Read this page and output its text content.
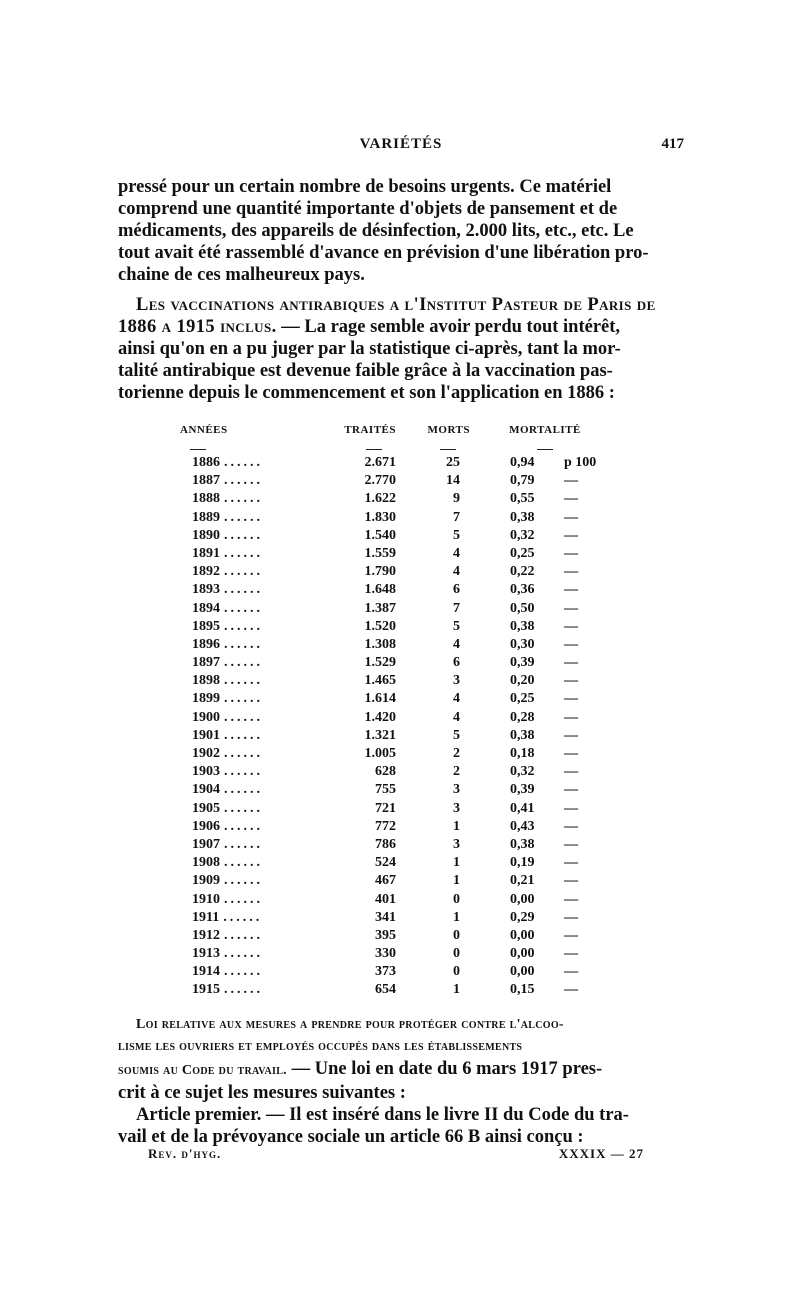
VARIÉTÉS	417

pressé pour un certain nombre de besoins urgents. Ce matériel

comprend une quantité importante d'objets de pansement et de

médicaments, des appareils de désinfection, 2.000 lits, etc., etc. Le

tout avait été rassemblé d'avance en prévision d'une libération pro-

chaine de ces malheureux pays.

Les vaccinations antirabiques a l'Institut Pasteur de Paris de

1886 a 1915 inclus. — La rage semble avoir perdu tout intérêt,

ainsi qu'on en a pu juger par la statistique ci-après, tant la mor-

talité antirabique est devenue faible grâce à la vaccination pas-

torienne depuis le commencement et son l'application en 1886 :

ANNÉES	TRAITÉS	MORTS	MORTALITÉ
1886 ......	2.671	25	0,94	p 100
1887 ......	2.770	14	0,79	—
1888 ......	1.622	9	0,55	—
1889 ......	1.830	7	0,38	—
1890 ......	1.540	5	0,32	—
1891 ......	1.559	4	0,25	—
1892 ......	1.790	4	0,22	—
1893 ......	1.648	6	0,36	—
1894 ......	1.387	7	0,50	—
1895 ......	1.520	5	0,38	—
1896 ......	1.308	4	0,30	—
1897 ......	1.529	6	0,39	—
1898 ......	1.465	3	0,20	—
1899 ......	1.614	4	0,25	—
1900 ......	1.420	4	0,28	—
1901 ......	1.321	5	0,38	—
1902 ......	1.005	2	0,18	—
1903 ......	628	2	0,32	—
1904 ......	755	3	0,39	—
1905 ......	721	3	0,41	—
1906 ......	772	1	0,43	—
1907 ......	786	3	0,38	—
1908 ......	524	1	0,19	—
1909 ......	467	1	0,21	—
1910 ......	401	0	0,00	—
1911 ......	341	1	0,29	—
1912 ......	395	0	0,00	—
1913 ......	330	0	0,00	—
1914 ......	373	0	0,00	—
1915 ......	654	1	0,15	—

Loi relative aux mesures a prendre pour protéger contre l'alcoo-

lisme les ouvriers et employés occupés dans les établissements

soumis au Code du travail. — Une loi en date du 6 mars 1917 pres-

crit à ce sujet les mesures suivantes :

Article premier. — Il est inséré dans le livre II du Code du tra-

vail et de la prévoyance sociale un article 66 B ainsi conçu :

Rev. d'hyg.	XXXIX — 27
